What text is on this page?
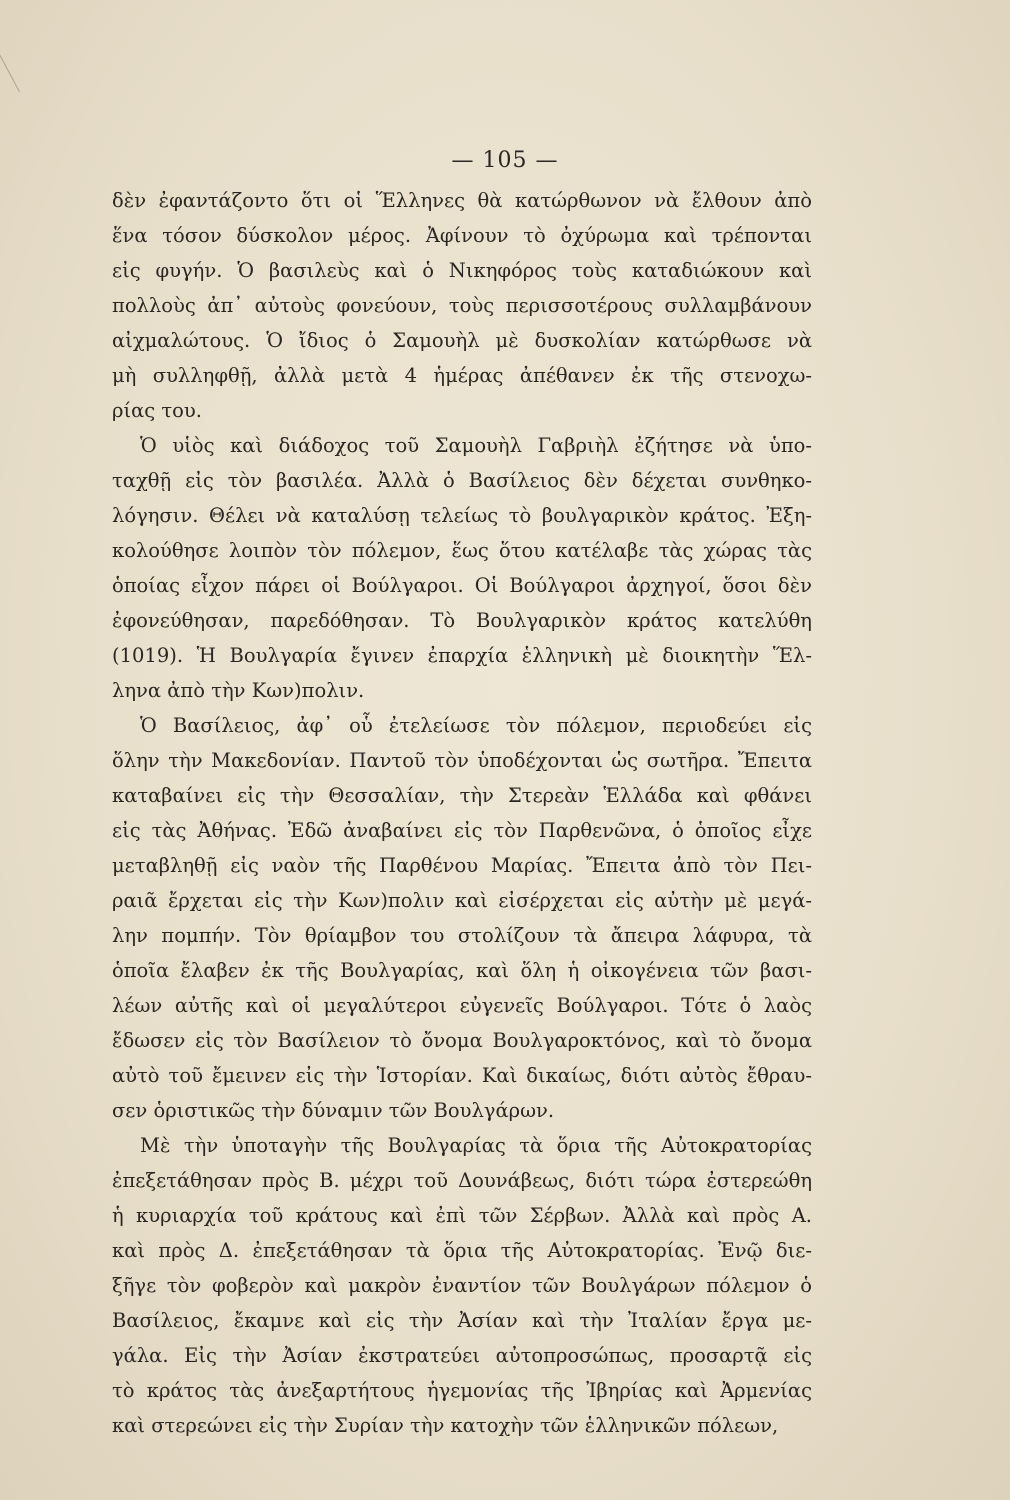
— 105 —
δὲν ἐφαντάζοντο ὅτι οἱ Ἕλληνες θὰ κατώρθωνον νὰ ἔλθουν ἀπὸ
ἕνα τόσον δύσκολον μέρος. Ἀφίνουν τὸ ὀχύρωμα καὶ τρέπονται
εἰς φυγήν. Ὁ βασιλεὺς καὶ ὁ Νικηφόρος τοὺς καταδιώκουν καὶ
πολλοὺς ἀπ᾿ αὐτοὺς φονεύουν, τοὺς περισσοτέρους συλλαμβάνουν
αἰχμαλώτους. Ὁ ἴδιος ὁ Σαμουὴλ μὲ δυσκολίαν κατώρθωσε νὰ
μὴ συλληφθῇ, ἀλλὰ μετὰ 4 ἡμέρας ἀπέθανεν ἐκ τῆς στενοχω-
ρίας του.
Ὁ υἱὸς καὶ διάδοχος τοῦ Σαμουὴλ Γαβριὴλ ἐζήτησε νὰ ὑπο-
ταχθῇ εἰς τὸν βασιλέα. Ἀλλὰ ὁ Βασίλειος δὲν δέχεται συνθηκο-
λόγησιν. Θέλει νὰ καταλύσῃ τελείως τὸ βουλγαρικὸν κράτος. Ἐξη-
κολούθησε λοιπὸν τὸν πόλεμον, ἕως ὅτου κατέλαβε τὰς χώρας τὰς
ὁποίας εἶχον πάρει οἱ Βούλγαροι. Οἱ Βούλγαροι ἀρχηγοί, ὅσοι δὲν
ἐφονεύθησαν, παρεδόθησαν. Τὸ Βουλγαρικὸν κράτος κατελύθη
(1019). Ἡ Βουλγαρία ἔγινεν ἐπαρχία ἑλληνικὴ μὲ διοικητὴν Ἕλ-
ληνα ἀπὸ τὴν Κων)πολιν.
Ὁ Βασίλειος, ἀφ᾿ οὗ ἐτελείωσε τὸν πόλεμον, περιοδεύει εἰς
ὅλην τὴν Μακεδονίαν. Παντοῦ τὸν ὑποδέχονται ὡς σωτῆρα. Ἔπειτα
καταβαίνει εἰς τὴν Θεσσαλίαν, τὴν Στερεὰν Ἑλλάδα καὶ φθάνει
εἰς τὰς Ἀθήνας. Ἐδῶ ἀναβαίνει εἰς τὸν Παρθενῶνα, ὁ ὁποῖος εἶχε
μεταβληθῇ εἰς ναὸν τῆς Παρθένου Μαρίας. Ἔπειτα ἀπὸ τὸν Πει-
ραιᾶ ἔρχεται εἰς τὴν Κων)πολιν καὶ εἰσέρχεται εἰς αὐτὴν μὲ μεγά-
λην πομπήν. Τὸν θρίαμβον του στολίζουν τὰ ἄπειρα λάφυρα, τὰ
ὁποῖα ἔλαβεν ἐκ τῆς Βουλγαρίας, καὶ ὅλη ἡ οἰκογένεια τῶν βασι-
λέων αὐτῆς καὶ οἱ μεγαλύτεροι εὐγενεῖς Βούλγαροι. Τότε ὁ λαὸς
ἔδωσεν εἰς τὸν Βασίλειον τὸ ὄνομα Βουλγαροκτόνος, καὶ τὸ ὄνομα
αὐτὸ τοῦ ἔμεινεν εἰς τὴν Ἱστορίαν. Καὶ δικαίως, διότι αὐτὸς ἔθραυ-
σεν ὁριστικῶς τὴν δύναμιν τῶν Βουλγάρων.
Μὲ τὴν ὑποταγὴν τῆς Βουλγαρίας τὰ ὅρια τῆς Αὐτοκρατορίας
ἐπεξετάθησαν πρὸς Β. μέχρι τοῦ Δουνάβεως, διότι τώρα ἐστερεώθη
ἡ κυριαρχία τοῦ κράτους καὶ ἐπὶ τῶν Σέρβων. Ἀλλὰ καὶ πρὸς Α.
καὶ πρὸς Δ. ἐπεξετάθησαν τὰ ὅρια τῆς Αὐτοκρατορίας. Ἐνῷ διε-
ξῆγε τὸν φοβερὸν καὶ μακρὸν ἐναντίον τῶν Βουλγάρων πόλεμον ὁ
Βασίλειος, ἔκαμνε καὶ εἰς τὴν Ἀσίαν καὶ τὴν Ἰταλίαν ἔργα με-
γάλα. Εἰς τὴν Ἀσίαν ἐκστρατεύει αὐτοπροσώπως, προσαρτᾷ εἰς
τὸ κράτος τὰς ἀνεξαρτήτους ἡγεμονίας τῆς Ἰβηρίας καὶ Ἀρμενίας
καὶ στερεώνει εἰς τὴν Συρίαν τὴν κατοχὴν τῶν ἑλληνικῶν πόλεων,
